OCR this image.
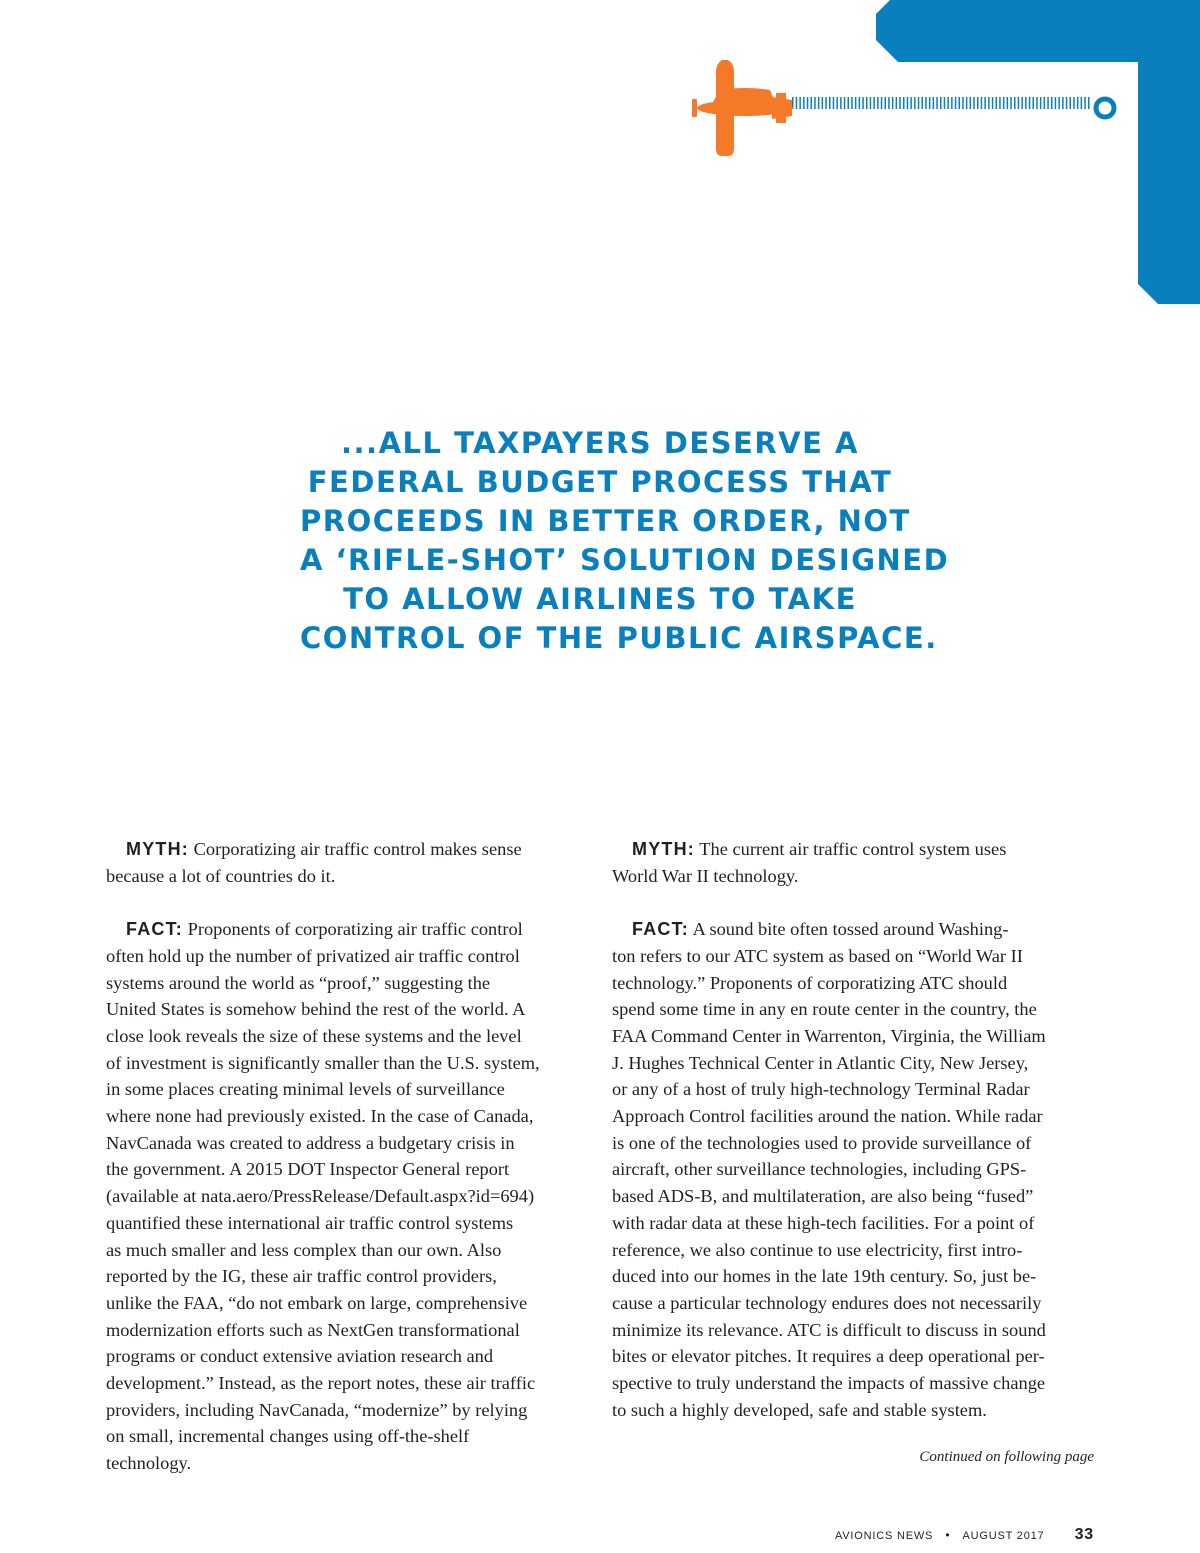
...ALL TAXPAYERS DESERVE A
FEDERAL BUDGET PROCESS THAT
PROCEEDS IN BETTER ORDER, NOT
A ‘RIFLE-SHOT’ SOLUTION DESIGNED
TO ALLOW AIRLINES TO TAKE
CONTROL OF THE PUBLIC AIRSPACE.

MYTH: Corporatizing air traffic control makes sense
because a lot of countries do it.

FACT: Proponents of corporatizing air traffic control
often hold up the number of privatized air traffic control
systems around the world as “proof,” suggesting the
United States is somehow behind the rest of the world. A
close look reveals the size of these systems and the level
of investment is significantly smaller than the U.S. system,
in some places creating minimal levels of surveillance
where none had previously existed. In the case of Canada,
NavCanada was created to address a budgetary crisis in
the government. A 2015 DOT Inspector General report
(available at nata.aero/PressRelease/Default.aspx?id=694)
quantified these international air traffic control systems
as much smaller and less complex than our own. Also
reported by the IG, these air traffic control providers,
unlike the FAA, “do not embark on large, comprehensive
modernization efforts such as NextGen transformational
programs or conduct extensive aviation research and
development.” Instead, as the report notes, these air traffic
providers, including NavCanada, “modernize” by relying
on small, incremental changes using off-the-shelf
technology.

MYTH: The current air traffic control system uses
World War II technology.

FACT: A sound bite often tossed around Washing-
ton refers to our ATC system as based on “World War II
technology.” Proponents of corporatizing ATC should
spend some time in any en route center in the country, the
FAA Command Center in Warrenton, Virginia, the William
J. Hughes Technical Center in Atlantic City, New Jersey,
or any of a host of truly high-technology Terminal Radar
Approach Control facilities around the nation. While radar
is one of the technologies used to provide surveillance of
aircraft, other surveillance technologies, including GPS-
based ADS-B, and multilateration, are also being “fused”
with radar data at these high-tech facilities. For a point of
reference, we also continue to use electricity, first intro-
duced into our homes in the late 19th century. So, just be-
cause a particular technology endures does not necessarily
minimize its relevance. ATC is difficult to discuss in sound
bites or elevator pitches. It requires a deep operational per-
spective to truly understand the impacts of massive change
to such a highly developed, safe and stable system.

Continued on following page
AVIONICS NEWS • AUGUST 2017 33
